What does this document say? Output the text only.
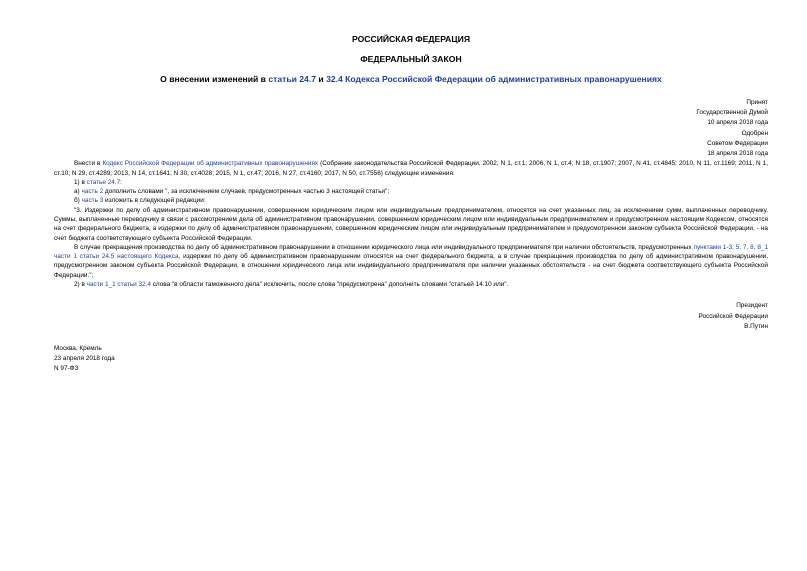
РОССИЙСКАЯ ФЕДЕРАЦИЯ
ФЕДЕРАЛЬНЫЙ ЗАКОН
О внесении изменений в статьи 24.7 и 32.4 Кодекса Российской Федерации об административных правонарушениях
Принят
Государственной Думой
10 апреля 2018 года
Одобрен
Советом Федерации
18 апреля 2018 года

Внести в Кодекс Российской Федерации об административных правонарушениях (Собрание законодательства Российской Федерации, 2002, N 1, ст.1; 2006, N 1, ст.4; N 18, ст.1907; 2007, N 41, ст.4845; 2010, N 11, ст.1169; 2011, N 1, ст.10; N 29, ст.4289; 2013, N 14, ст.1641; N 30, ст.4028; 2015, N 1, ст.47; 2016, N 27, ст.4160; 2017, N 50, ст.7556) следующие изменения:

1) в статье 24.7:

а) часть 2 дополнить словами ", за исключением случаев, предусмотренных частью 3 настоящей статьи";

б) часть 3 изложить в следующей редакции:

"3. Издержки по делу об административном правонарушении, совершенном юридическим лицом или индивидуальным предпринимателем, относятся на счет указанных лиц, за исключением сумм, выплаченных переводчику. Суммы, выплаченные переводчику в связи с рассмотрением дела об административном правонарушении, совершенном юридическим лицом или индивидуальным предпринимателем и предусмотренном настоящим Кодексом, относятся на счет федерального бюджета, а издержки по делу об административном правонарушении, совершенном юридическим лицом или индивидуальным предпринимателем и предусмотренном законом субъекта Российской Федерации, - на счет бюджета соответствующего субъекта Российской Федерации.

В случае прекращения производства по делу об административном правонарушении в отношении юридического лица или индивидуального предпринимателя при наличии обстоятельств, предусмотренных пунктами 1-3, 5, 7, 8, 8_1 части 1 статьи 24.5 настоящего Кодекса, издержки по делу об административном правонарушении относятся на счет федерального бюджета, а в случае прекращения производства по делу об административном правонарушении, предусмотренном законом субъекта Российской Федерации, в отношении юридического лица или индивидуального предпринимателя при наличии указанных обстоятельств - на счет бюджета соответствующего субъекта Российской Федерации.";

2) в части 1_1 статьи 32.4 слова "в области таможенного дела" исключить, после слова "предусмотрена" дополнить словами "статьей 14.10 или".

Президент
Российской Федерации
В.Путин
Москва, Кремль
23 апреля 2018 года
N 97-ФЗ
